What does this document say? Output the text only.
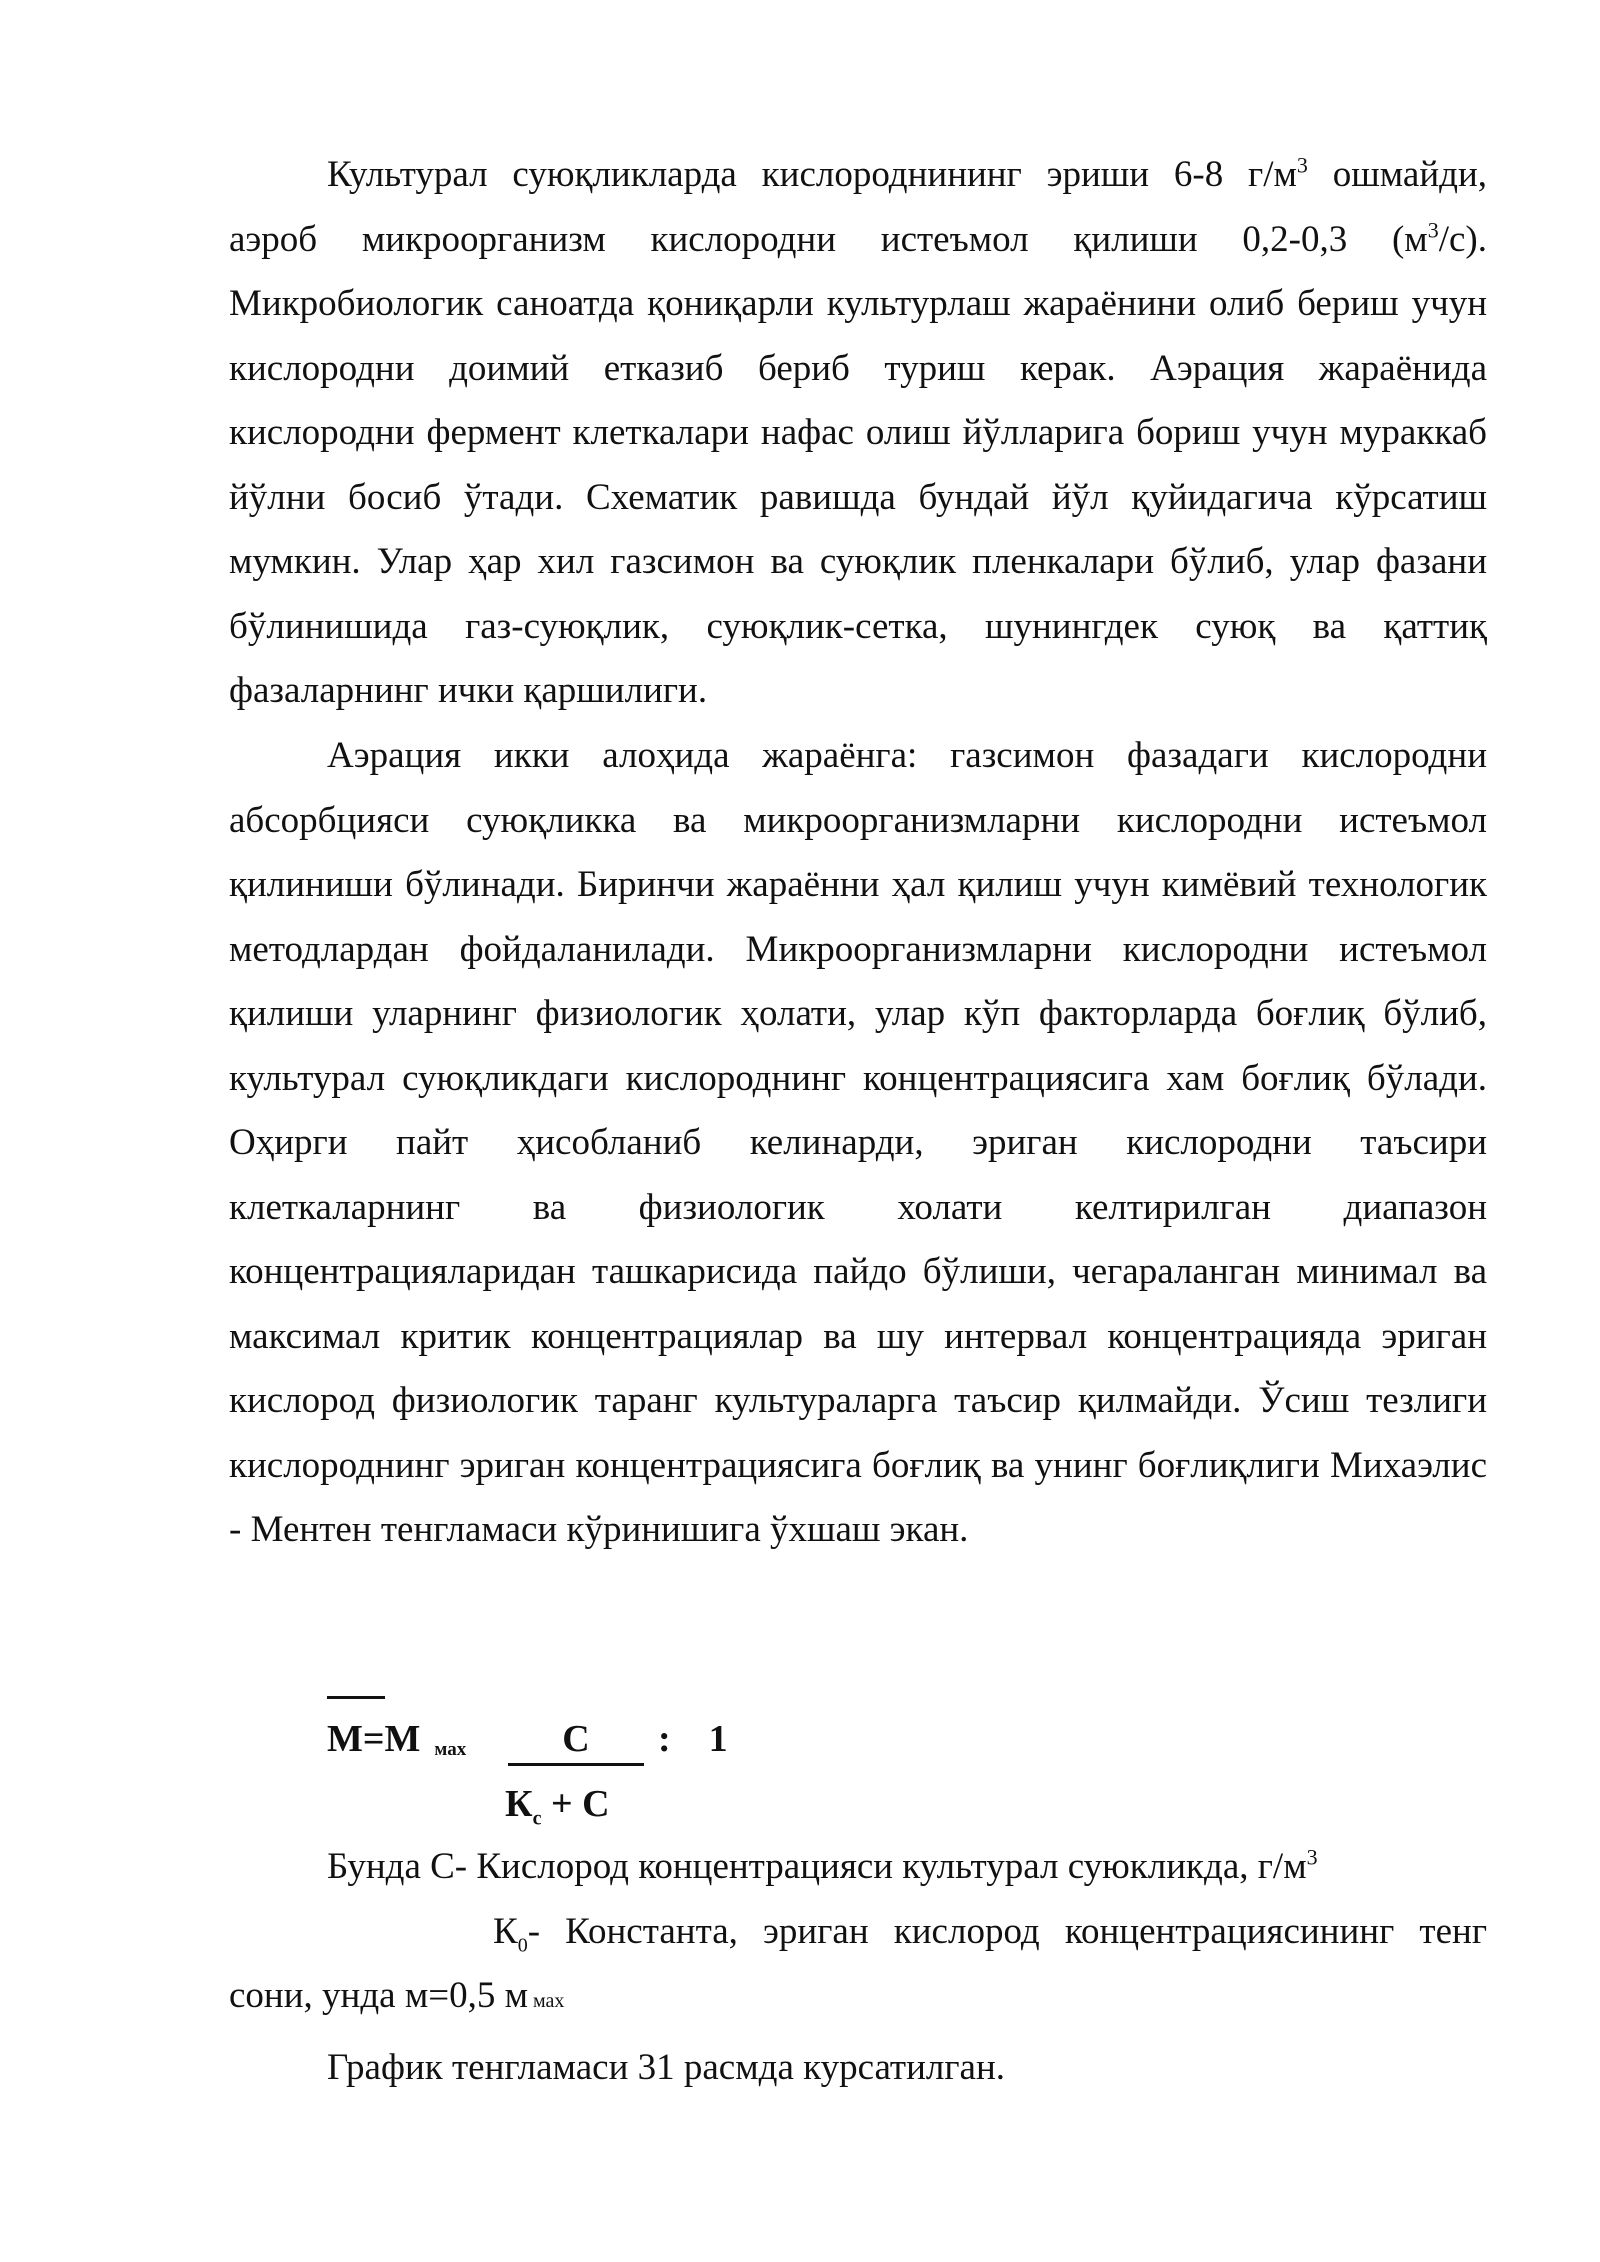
Культурал суюқликларда кислороднининг эриши 6-8 $г/м^3$ ошмайди, аэроб микроорганизм кислородни истеъмол қилиши 0,2-0,3 $(м^3/с)$. Микробиологик саноатда қониқарли культурлаш жараёнини олиб бериш учун кислородни доимий етказиб бериб туриш керак. Аэрация жараёнида кислородни фермент клеткалари нафас олиш йўлларига бориш учун мураккаб йўлни босиб ўтади. Схематик равишда бундай йўл қуйидагича кўрсатиш мумкин. Улар ҳар хил газсимон ва суюқлик пленкалари бўлиб, улар фазани бўлинишида газ-суюқлик, суюқлик-сетка, шунингдек суюқ ва қаттиқ фазаларнинг ички қаршилиги.

Аэрация икки алоҳида жараёнга: газсимон фазадаги кислородни абсорбцияси суюқликка ва микроорганизмларни кислородни истеъмол қилиниши бўлинади. Биринчи жараённи ҳал қилиш учун кимёвий технологик методлардан фойдаланилади. Микроорганизмларни кислородни истеъмол қилиши уларнинг физиологик ҳолати, улар кўп факторларда боғлиқ бўлиб, культурал суюқликдаги кислороднинг концентрациясига хам боғлиқ бўлади. Оҳирги пайт ҳисобланиб келинарди, эриган кислородни таъсири клеткаларнинг ва физиологик холати келтирилган диапазон концентрацияларидан ташкарисида пайдо бўлиши, чегараланган минимал ва максимал критик концентрациялар ва шу интервал концентрацияда эриган кислород физиологик таранг культураларга таъсир қилмайди. Ўсиш тезлиги кислороднинг эриган концентрациясига боғлиқ ва унинг боғлиқлиги Михаэлис - Ментен тенгламаси кўринишига ўхшаш экан.

М=М мах	С	: 1
$К_с + С$
Бунда С- Кислород концентрацияси культурал суюкликда, $г/м^3$
$К_0-$ Константа, эриган кислород концентрациясининг тенг
сони, унда м=0,5 м мах
График тенгламаси 31 расмда курсатилган.
